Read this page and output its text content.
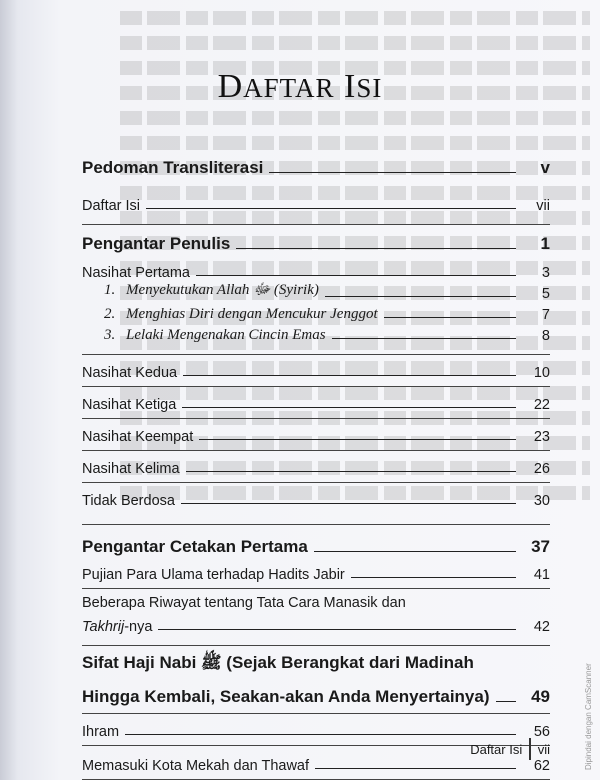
DAFTAR ISI
Pedoman Transliterasi	v
Daftar Isi	vii
Pengantar Penulis	1
Nasihat Pertama	3
1. Menyekutukan Allah ﷻ (Syirik)	5
2. Menghias Diri dengan Mencukur Jenggot	7
3. Lelaki Mengenakan Cincin Emas	8
Nasihat Kedua	10
Nasihat Ketiga	22
Nasihat Keempat	23
Nasihat Kelima	26
Tidak Berdosa	30
Pengantar Cetakan Pertama	37
Pujian Para Ulama terhadap Hadits Jabir	41
Beberapa Riwayat tentang Tata Cara Manasik dan
Takhrij-nya	42
Sifat Haji Nabi ﷺ (Sejak Berangkat dari Madinah
Hingga Kembali, Seakan-akan Anda Menyertainya)	49
Ihram	56
Memasuki Kota Mekah dan Thawaf	62
Daftar Isi vii	Dipindai dengan CamScanner
